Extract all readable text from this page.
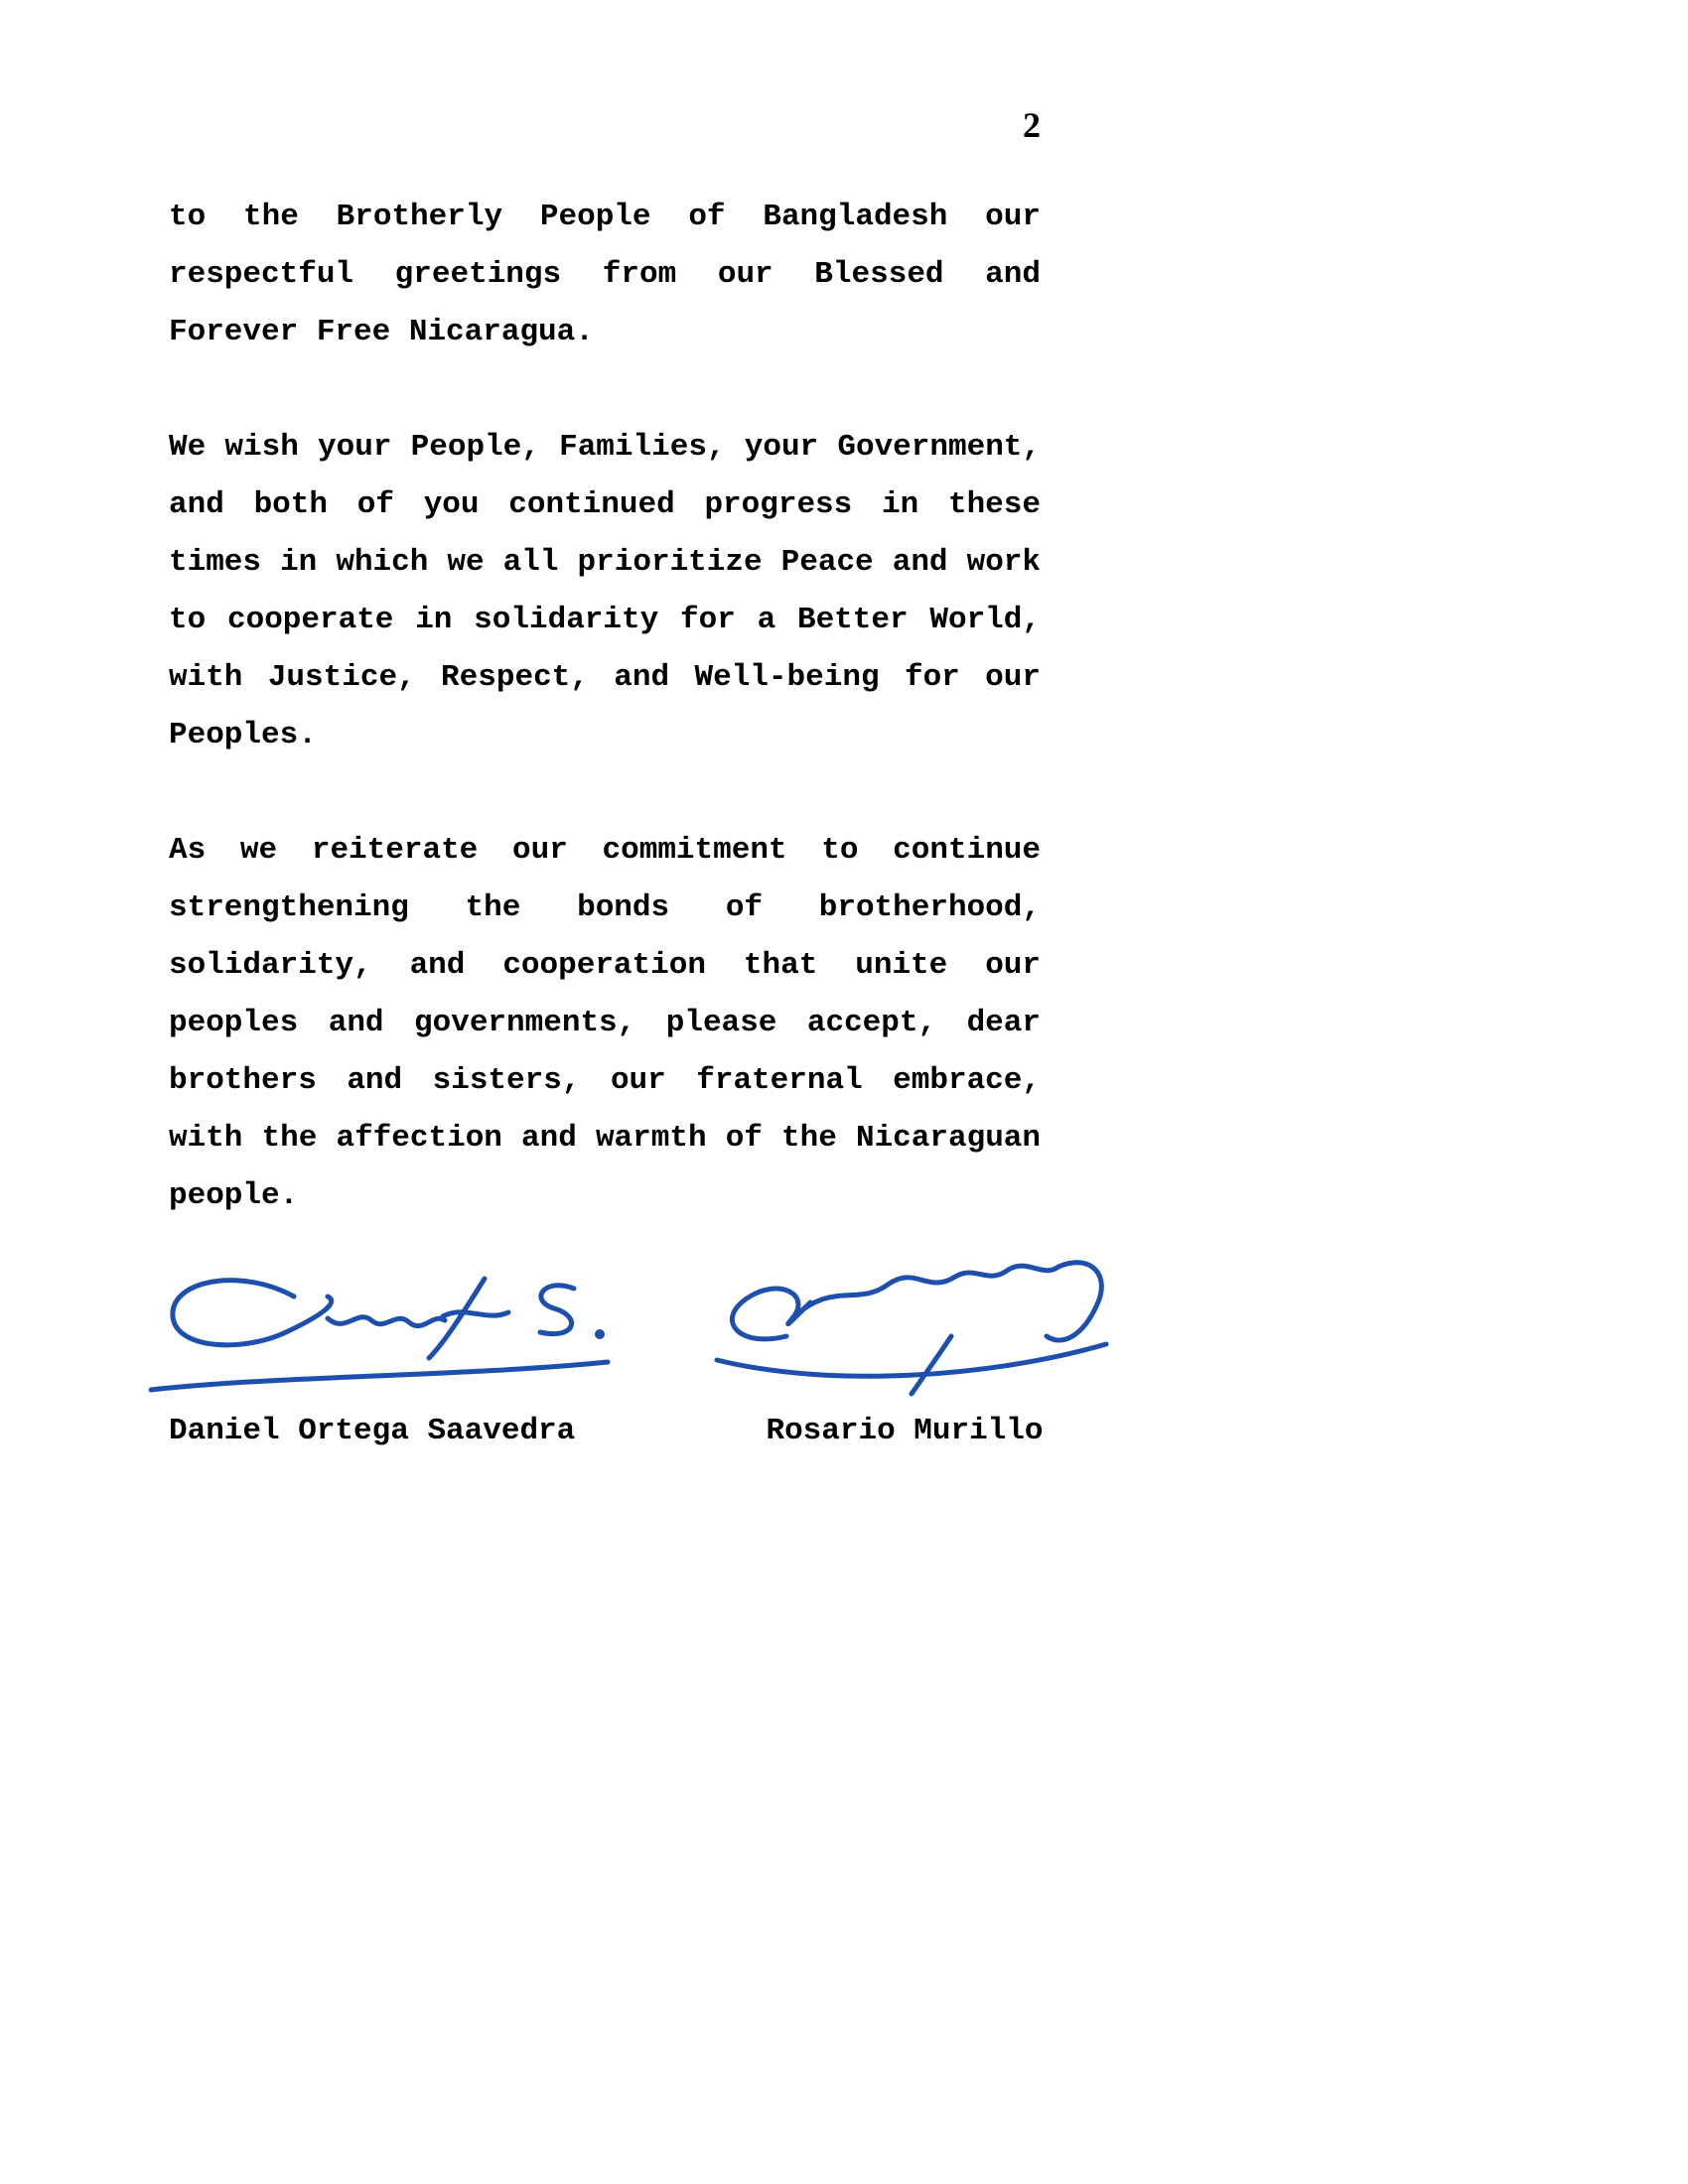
2

to the Brotherly People of Bangladesh our respectful greetings from our Blessed and Forever Free Nicaragua.

We wish your People, Families, your Government, and both of you continued progress in these times in which we all prioritize Peace and work to cooperate in solidarity for a Better World, with Justice, Respect, and Well-being for our Peoples.

As we reiterate our commitment to continue strengthening the bonds of brotherhood, solidarity, and cooperation that unite our peoples and governments, please accept, dear brothers and sisters, our fraternal embrace, with the affection and warmth of the Nicaraguan people.

Daniel Ortega Saavedra	Rosario Murillo
